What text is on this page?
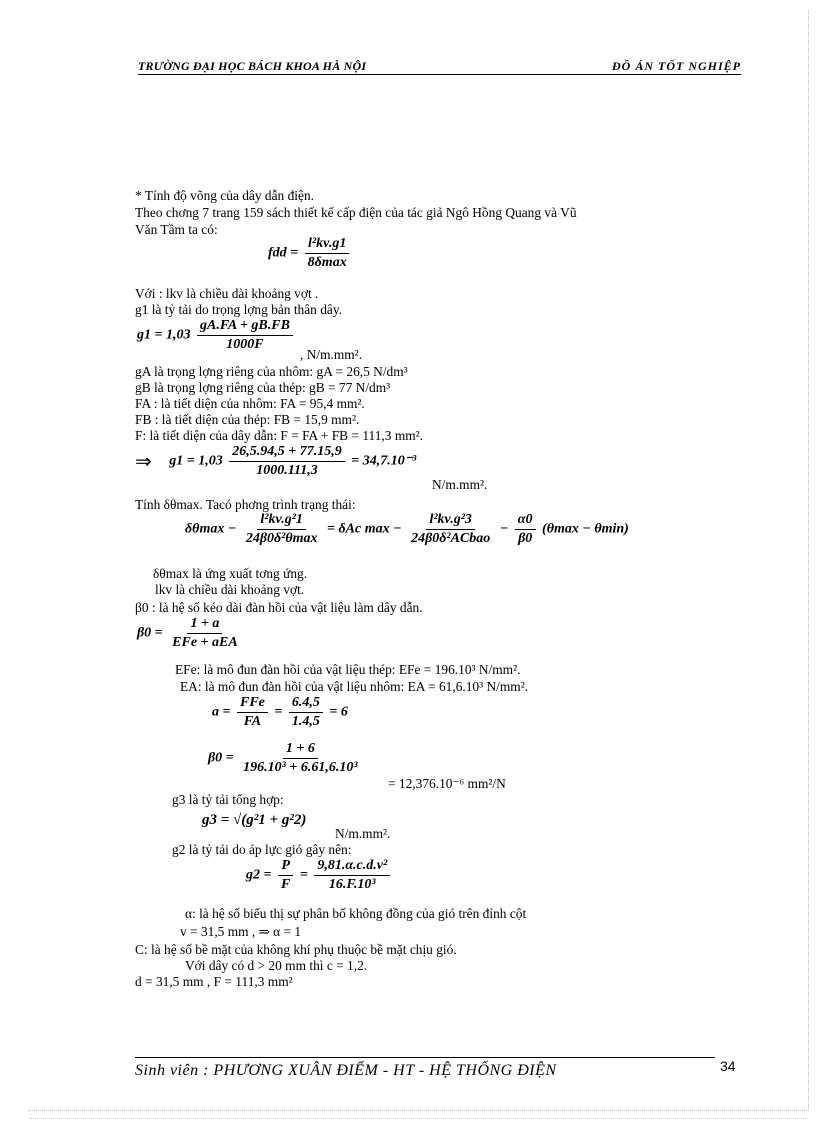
TRƯỜNG ĐẠI HỌC BÁCH KHOA HÀ NỘI	ĐỒ ÁN TỐT NGHIỆP
* Tính độ võng của dây dẫn điện.
Theo chơng 7 trang 159 sách thiết kế cấp điện của tác giả Ngô Hồng Quang và Vũ
Văn Tầm ta có:
fdd = $\frac{\text{l²kv.g1}}{8\delta\max}$
Với : lkv là chiều dài khoảng vợt .
g1 là tỷ tải do trọng lợng bản thân dây.
$g1 = 1,03 \frac{gA.FA + gB.FB}{1000F}$
, N/m.mm².
gA là trọng lợng riêng của nhôm: gA = 26,5 N/dm³
gB là trọng lợng riêng của thép: gB = 77 N/dm³
FA : là tiết diện của nhôm: FA = 95,4 mm².
FB : là tiết diện của thép: FB = 15,9 mm².
F: là tiết diện của dây dẫn: F = FA + FB = 111,3 mm².
⇒ $g1 = 1,03 \frac{26,5.94,5 + 77.15,9}{1000.111,3} = 34,7.10^{-3}$
N/m.mm².
Tính δθmax. Tacó phơng trình trạng thái:
$\delta\theta\max - \frac{\text{l²kv.g²1}}{\text{24β0δ²θmax}} = \delta Ac$ $\max - \frac{\text{l²kv.g²3}}{\text{24β0δ²ACbao}} - \frac{\alpha 0}{\beta 0} (\theta\max - \theta\min)$
δθmax là ứng xuất tơng ứng.
lkv là chiều dài khoảng vợt.
β0 : là hệ số kéo dài đàn hồi của vật liệu làm dây dẫn.
$\beta 0 = \frac{1 + a}{\text{EFe + aEA}}$
EFe: là mô đun đàn hồi của vật liệu thép: EFe = 196.10³ N/mm².
EA: là mô đun đàn hồi của vật liệu nhôm: EA = 61,6.10³ N/mm².
$a = \frac{\text{FFe}}{FA} = \frac{6.4,5}{1.4,5} = 6$
$\beta 0 = \frac{1 + 6}{\text{196.10³ + 6.61,6.10³}}$
= 12,376.10⁻⁶ mm²/N
g3 là tỷ tải tổng hợp:
g3 = √(g²1 + g²2)
N/m.mm².
g2 là tỷ tải do áp lực gió gây nên:
$g2 = \frac{P}{F} = \frac{\text{9,81.α.c.d.v²}}{\text{16.F.10³}}$
α: là hệ số biểu thị sự phân bố không đồng của gió trên đỉnh cột
v = 31,5 mm , ⇒ α = 1
C: là hệ số bề mặt của không khí phụ thuộc bề mặt chịu gió.
Với dây có d > 20 mm thì c = 1,2.
d = 31,5 mm , F = 111,3 mm²
Sinh viên : PHƯƠNG XUÂN ĐIỂM - HT - HỆ THỐNG ĐIỆN	34
